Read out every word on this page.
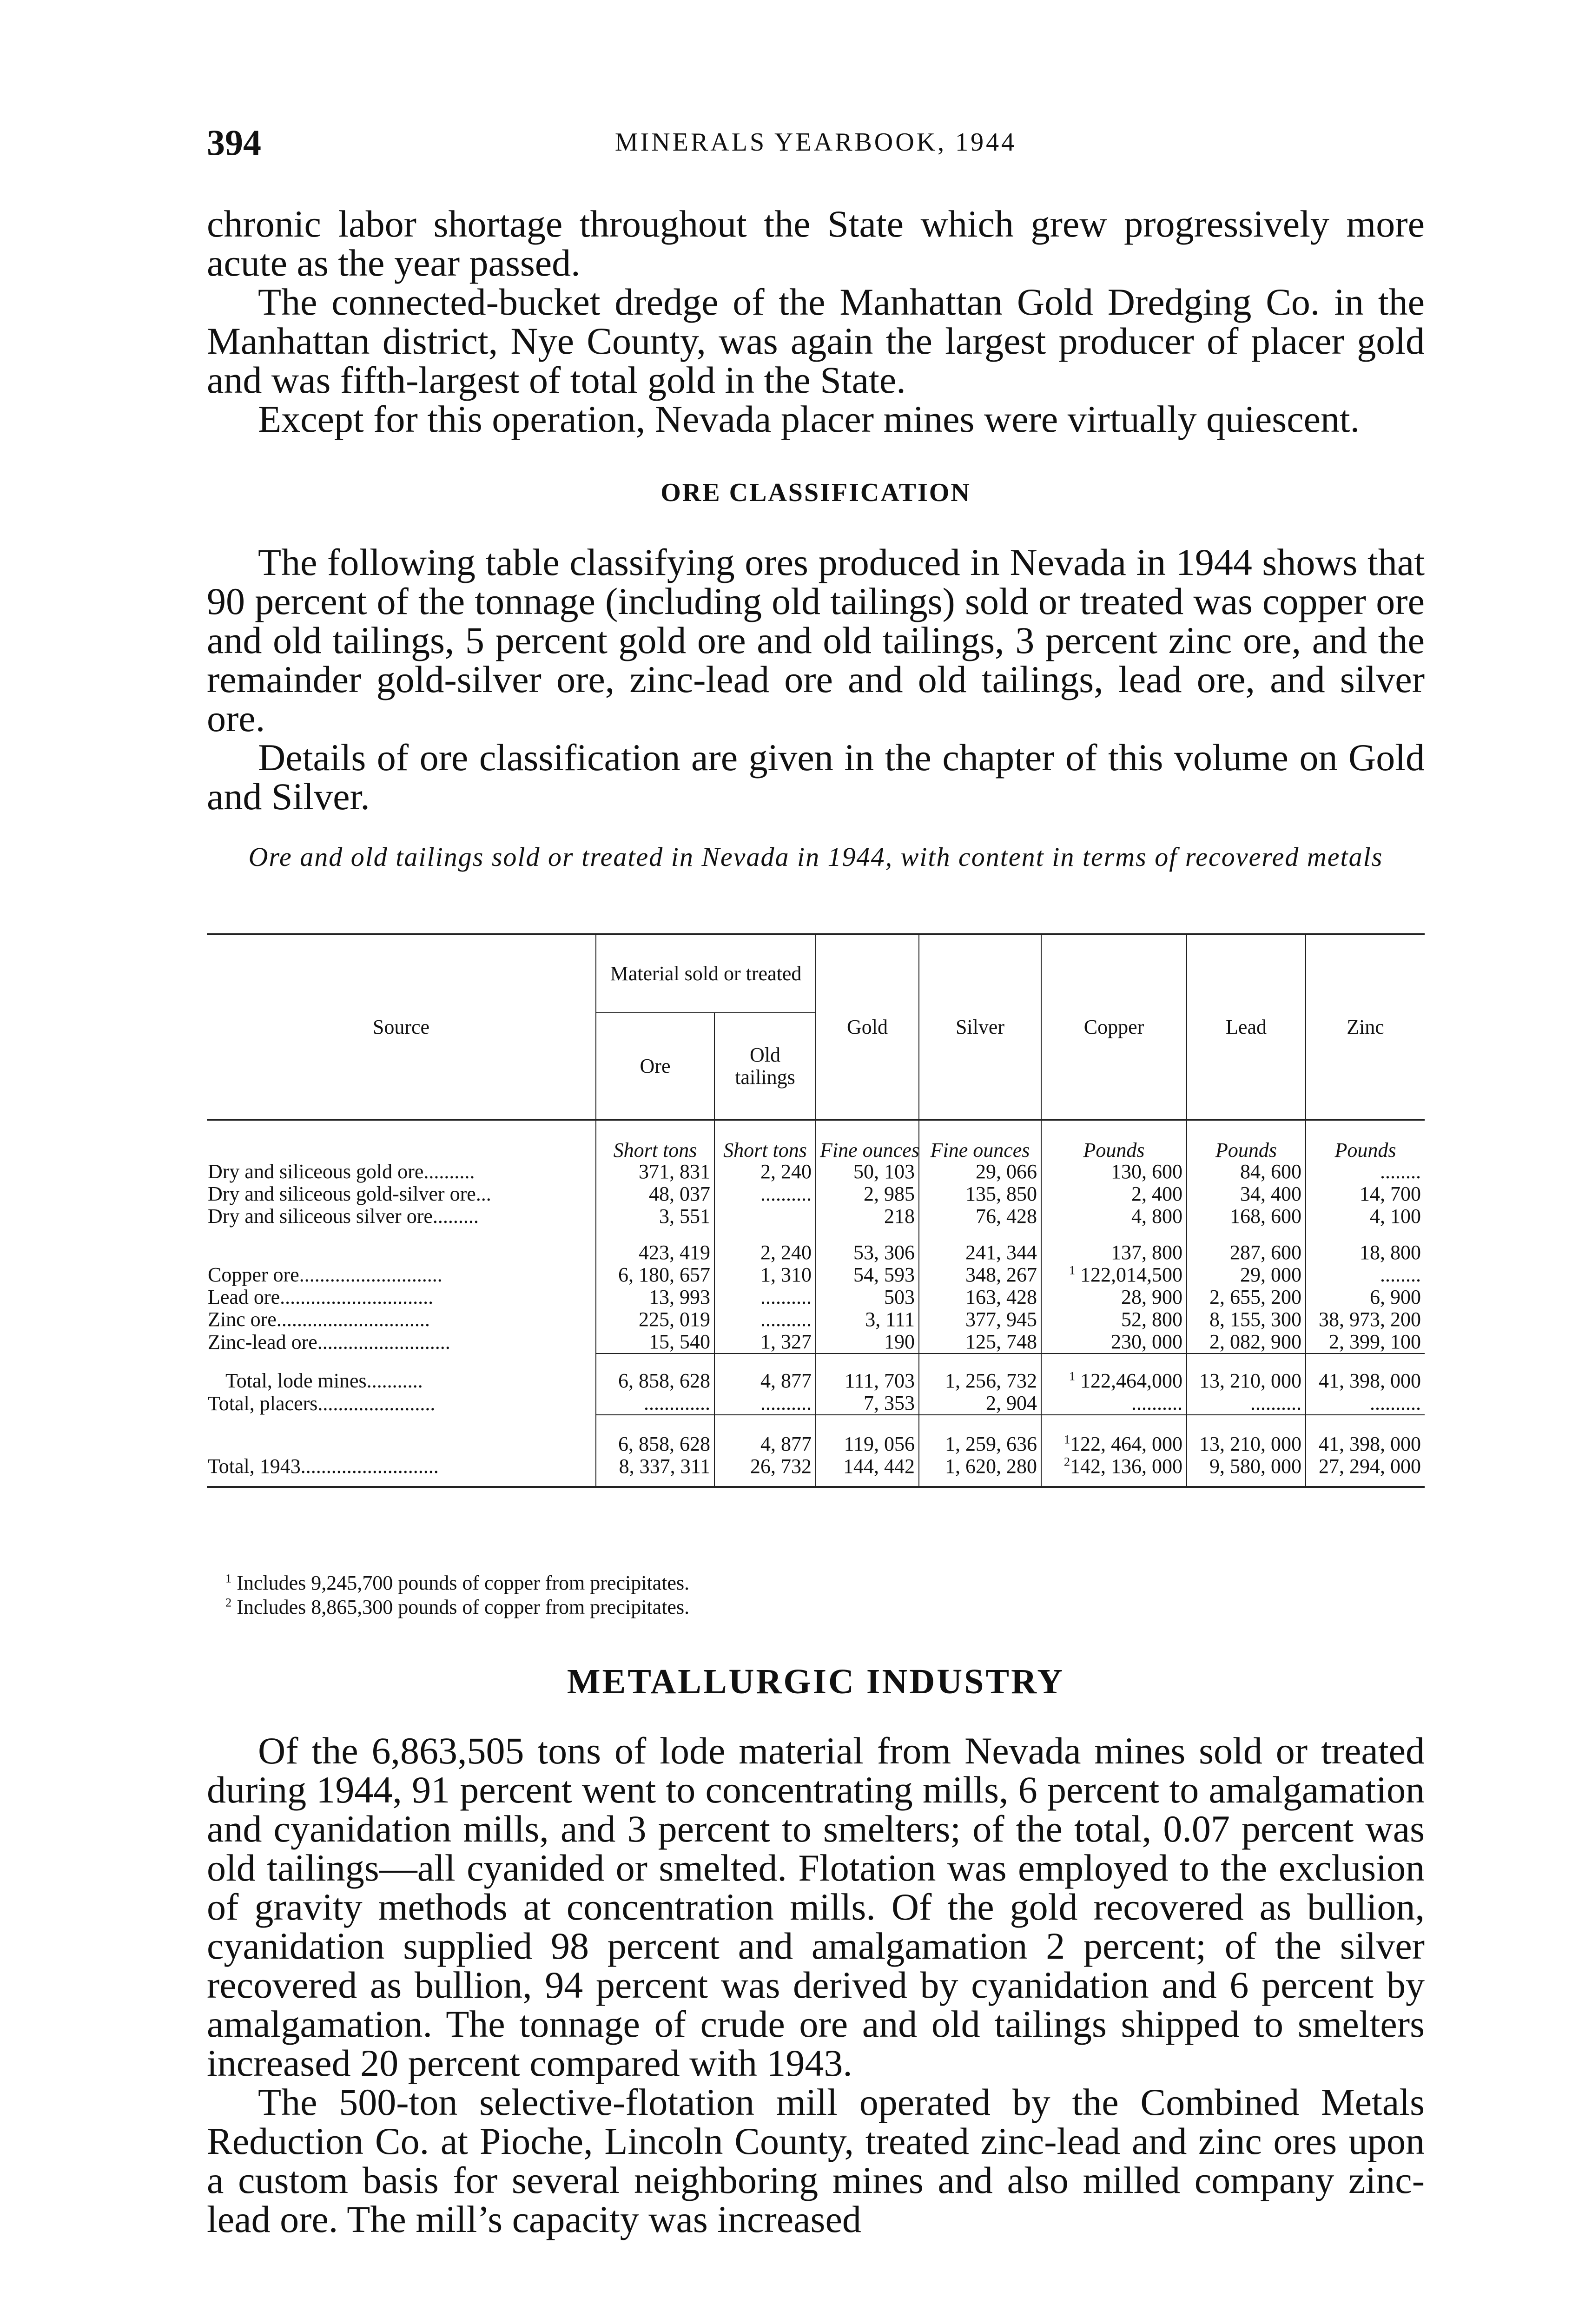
394	MINERALS YEARBOOK, 1944

chronic labor shortage throughout the State which grew progressively more acute as the year passed.

The connected-bucket dredge of the Manhattan Gold Dredging Co. in the Manhattan district, Nye County, was again the largest producer of placer gold and was fifth-largest of total gold in the State.

Except for this operation, Nevada placer mines were virtually quiescent.

ORE CLASSIFICATION

The following table classifying ores produced in Nevada in 1944 shows that 90 percent of the tonnage (including old tailings) sold or treated was copper ore and old tailings, 5 percent gold ore and old tailings, 3 percent zinc ore, and the remainder gold-silver ore, zinc-lead ore and old tailings, lead ore, and silver ore.

Details of ore classification are given in the chapter of this volume on Gold and Silver.

Ore and old tailings sold or treated in Nevada in 1944, with content in terms of recovered metals
Source	Material sold or treated		Gold	Silver	Copper	Lead	Zinc
	Ore	Old tailings					
	Short tons	Short tons	Fine ounces	Fine ounces	Pounds	Pounds	Pounds
Dry and siliceous gold ore..........	371, 831	2, 240	50, 103	29, 066	130, 600	84, 600	........
Dry and siliceous gold-silver ore...	48, 037	..........	2, 985	135, 850	2, 400	34, 400	14, 700
Dry and siliceous silver ore.........	3, 551		218	76, 428	4, 800	168, 600	4, 100
	423, 419	2, 240	53, 306	241, 344	137, 800	287, 600	18, 800
Copper ore............................	6, 180, 657	1, 310	54, 593	348, 267	$^1$ 122,014,500	29, 000	........
Lead ore..............................	13, 993	..........	503	163, 428	28, 900	2, 655, 200	6, 900
Zinc ore..............................	225, 019	..........	3, 111	377, 945	52, 800	8, 155, 300	38, 973, 200
Zinc-lead ore..........................	15, 540	1, 327	190	125, 748	230, 000	2, 082, 900	2, 399, 100
Total, lode mines...........	6, 858, 628	4, 877	111, 703	1, 256, 732	$^1$ 122,464,000	13, 210, 000	41, 398, 000
Total, placers.......................	.............	..........	7, 353	2, 904	..........	..........	..........
	6, 858, 628	4, 877	119, 056	1, 259, 636	$^1$122, 464, 000	13, 210, 000	41, 398, 000
Total, 1943...........................	8, 337, 311	26, 732	144, 442	1, 620, 280	$^2$142, 136, 000	9, 580, 000	27, 294, 000

$^1$ Includes 9,245,700 pounds of copper from precipitates.

$^2$ Includes 8,865,300 pounds of copper from precipitates.

METALLURGIC INDUSTRY

Of the 6,863,505 tons of lode material from Nevada mines sold or treated during 1944, 91 percent went to concentrating mills, 6 percent to amalgamation and cyanidation mills, and 3 percent to smelters; of the total, 0.07 percent was old tailings—all cyanided or smelted. Flotation was employed to the exclusion of gravity methods at concentration mills. Of the gold recovered as bullion, cyanidation supplied 98 percent and amalgamation 2 percent; of the silver recovered as bullion, 94 percent was derived by cyanidation and 6 percent by amalgamation. The tonnage of crude ore and old tailings shipped to smelters increased 20 percent compared with 1943.

The 500-ton selective-flotation mill operated by the Combined Metals Reduction Co. at Pioche, Lincoln County, treated zinc-lead and zinc ores upon a custom basis for several neighboring mines and also milled company zinc-lead ore. The mill’s capacity was increased
